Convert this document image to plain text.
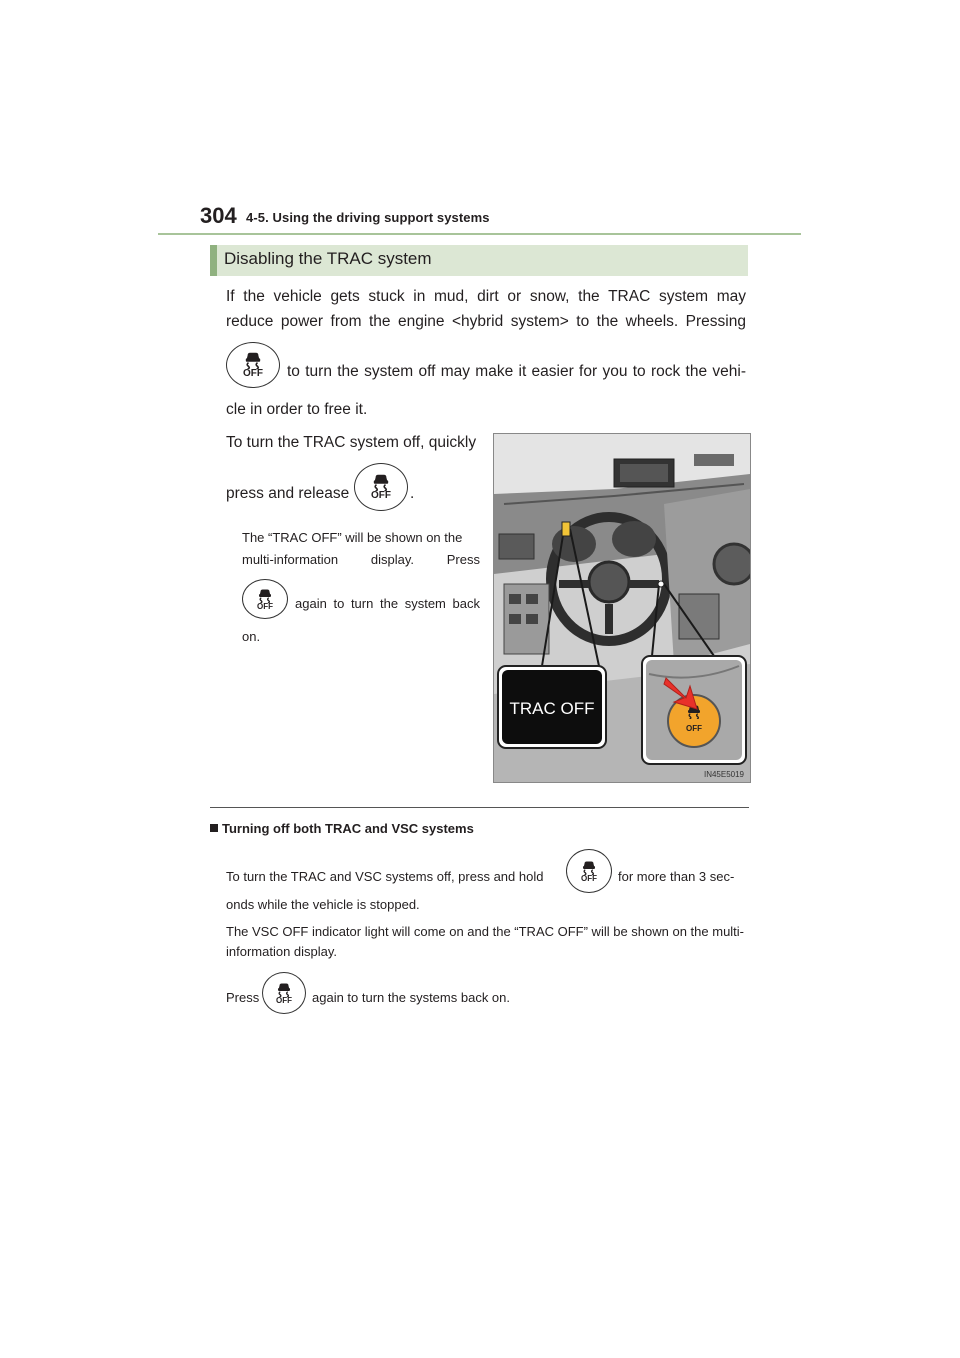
304 4-5. Using the driving support systems
Disabling the TRAC system
If the vehicle gets stuck in mud, dirt or snow, the TRAC system may
reduce power from the engine <hybrid system> to the wheels. Pressing
OFF to turn the system off may make it easier for you to rock the vehi-
cle in order to free it.
To turn the TRAC system off, quickly
press and release OFF .
The “TRAC OFF” will be shown on the
multi-information display. Press
OFF again to turn the system back
on.
TRAC OFF
OFF
IN45E5019
Turning off both TRAC and VSC systems
To turn the TRAC and VSC systems off, press and hold	OFF for more than 3 sec-
onds while the vehicle is stopped.
The VSC OFF indicator light will come on and the “TRAC OFF” will be shown on the multi-information display.
Press OFF again to turn the systems back on.
